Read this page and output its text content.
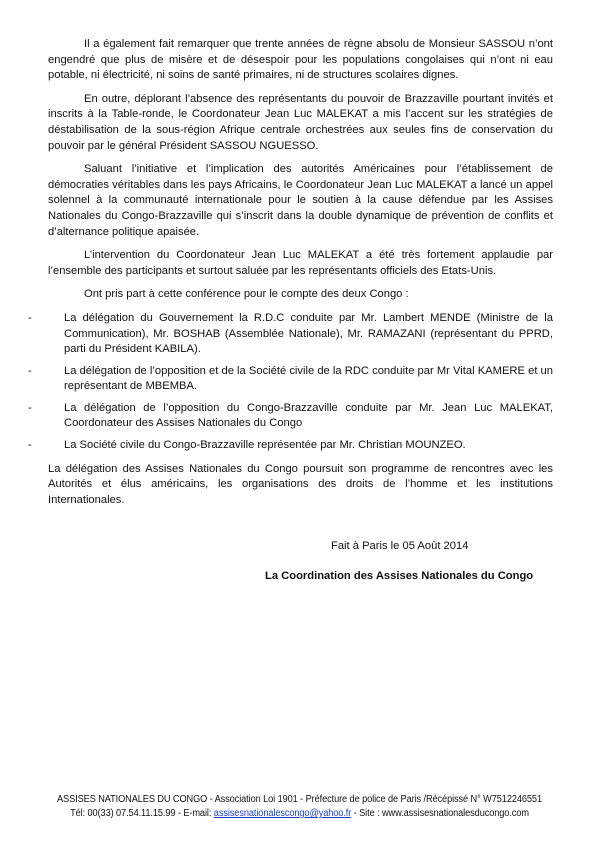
Il a également fait remarquer que trente années de règne absolu de Monsieur SASSOU n’ont engendré que plus de misère et de désespoir pour les populations congolaises qui n’ont ni eau potable, ni électricité, ni soins de santé primaires, ni de structures scolaires dignes.

En outre, déplorant l’absence des représentants du pouvoir de Brazzaville pourtant invités et inscrits à la Table-ronde, le Coordonateur Jean Luc MALEKAT a mis l’accent sur les stratégies de déstabilisation de la sous-région Afrique centrale orchestrées aux seules fins de conservation du pouvoir par le général Président SASSOU NGUESSO.

Saluant l’initiative et l’implication des autorités Américaines pour l’établissement de démocraties véritables dans les pays Africains, le Coordonateur Jean Luc MALEKAT a lancé un appel solennel à la communauté internationale pour le soutien à la cause défendue par les Assises Nationales du Congo-Brazzaville qui s’inscrit dans la double dynamique de prévention de conflits et d’alternance politique apaisée.

L’intervention du Coordonateur Jean Luc MALEKAT a été très fortement applaudie par l’ensemble des participants et surtout saluée par les représentants officiels des Etats-Unis.

Ont pris part à cette conférence pour le compte des deux Congo :

-	La délégation du Gouvernement la R.D.C conduite par Mr. Lambert MENDE (Ministre de la Communication), Mr. BOSHAB (Assemblée Nationale), Mr. RAMAZANI (représentant du PPRD, parti du Président KABILA).
-	La délégation de l’opposition et de la Société civile de la RDC conduite par Mr Vital KAMERE et un représentant de MBEMBA.
-	La délégation de l’opposition du Congo-Brazzaville conduite par Mr. Jean Luc MALEKAT, Coordonateur des Assises Nationales du Congo
-	La Société civile du Congo-Brazzaville représentée par Mr. Christian MOUNZEO.

La délégation des Assises Nationales du Congo poursuit son programme de rencontres avec les Autorités et élus américains, les organisations des droits de l’homme et les institutions Internationales.

Fait à Paris le 05 Août 2014
La Coordination des Assises Nationales du Congo
ASSISES NATIONALES DU CONGO - Association Loi 1901 - Préfecture de police de Paris /Récépissé N° W7512246551
Tél: 00(33) 07.54.11.15.99 - E-mail: assisesnationalescongo@yahoo.fr - Site : www.assisesnationalesducongo.com
